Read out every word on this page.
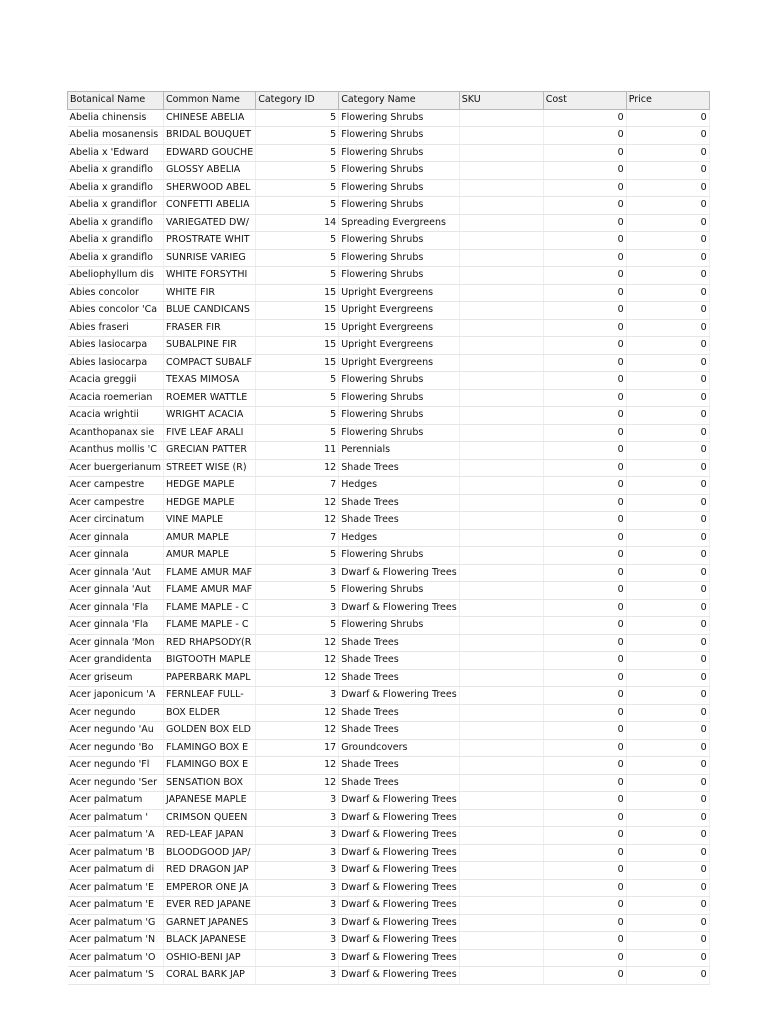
Botanical Name	Common Name	Category ID	Category Name	SKU	Cost	Price
Abelia chinensis	CHINESE ABELIA	5	Flowering Shrubs		0	0
Abelia mosanensis	BRIDAL BOUQUET	5	Flowering Shrubs		0	0
Abelia x 'Edward	EDWARD GOUCHE	5	Flowering Shrubs		0	0
Abelia x grandiflo	GLOSSY ABELIA	5	Flowering Shrubs		0	0
Abelia x grandiflo	SHERWOOD ABEL	5	Flowering Shrubs		0	0
Abelia x grandiflor	CONFETTI ABELIA	5	Flowering Shrubs		0	0
Abelia x grandiflo	VARIEGATED DW/	14	Spreading Evergreens		0	0
Abelia x grandiflo	PROSTRATE WHIT	5	Flowering Shrubs		0	0
Abelia x grandiflo	SUNRISE VARIEG	5	Flowering Shrubs		0	0
Abeliophyllum dis	WHITE FORSYTHI	5	Flowering Shrubs		0	0
Abies concolor	WHITE FIR	15	Upright Evergreens		0	0
Abies concolor 'Ca	BLUE CANDICANS	15	Upright Evergreens		0	0
Abies fraseri	FRASER FIR	15	Upright Evergreens		0	0
Abies lasiocarpa	SUBALPINE FIR	15	Upright Evergreens		0	0
Abies lasiocarpa	COMPACT SUBALF	15	Upright Evergreens		0	0
Acacia greggii	TEXAS MIMOSA	5	Flowering Shrubs		0	0
Acacia roemerian	ROEMER WATTLE	5	Flowering Shrubs		0	0
Acacia wrightii	WRIGHT ACACIA	5	Flowering Shrubs		0	0
Acanthopanax sie	FIVE LEAF ARALI	5	Flowering Shrubs		0	0
Acanthus mollis 'C	GRECIAN PATTER	11	Perennials		0	0
Acer buergerianum	STREET WISE (R)	12	Shade Trees		0	0
Acer campestre	HEDGE MAPLE	7	Hedges		0	0
Acer campestre	HEDGE MAPLE	12	Shade Trees		0	0
Acer circinatum	VINE MAPLE	12	Shade Trees		0	0
Acer ginnala	AMUR MAPLE	7	Hedges		0	0
Acer ginnala	AMUR MAPLE	5	Flowering Shrubs		0	0
Acer ginnala 'Aut	FLAME AMUR MAF	3	Dwarf & Flowering Trees		0	0
Acer ginnala 'Aut	FLAME AMUR MAF	5	Flowering Shrubs		0	0
Acer ginnala 'Fla	FLAME MAPLE - C	3	Dwarf & Flowering Trees		0	0
Acer ginnala 'Fla	FLAME MAPLE - C	5	Flowering Shrubs		0	0
Acer ginnala 'Mon	RED RHAPSODY(R	12	Shade Trees		0	0
Acer grandidenta	BIGTOOTH MAPLE	12	Shade Trees		0	0
Acer griseum	PAPERBARK MAPL	12	Shade Trees		0	0
Acer japonicum 'A	FERNLEAF FULL-	3	Dwarf & Flowering Trees		0	0
Acer negundo	BOX ELDER	12	Shade Trees		0	0
Acer negundo 'Au	GOLDEN BOX ELD	12	Shade Trees		0	0
Acer negundo 'Bo	FLAMINGO BOX E	17	Groundcovers		0	0
Acer negundo 'Fl	FLAMINGO BOX E	12	Shade Trees		0	0
Acer negundo 'Ser	SENSATION BOX	12	Shade Trees		0	0
Acer palmatum	JAPANESE MAPLE	3	Dwarf & Flowering Trees		0	0
Acer palmatum '	CRIMSON QUEEN	3	Dwarf & Flowering Trees		0	0
Acer palmatum 'A	RED-LEAF JAPAN	3	Dwarf & Flowering Trees		0	0
Acer palmatum 'B	BLOODGOOD JAP/	3	Dwarf & Flowering Trees		0	0
Acer palmatum di	RED DRAGON JAP	3	Dwarf & Flowering Trees		0	0
Acer palmatum 'E	EMPEROR ONE JA	3	Dwarf & Flowering Trees		0	0
Acer palmatum 'E	EVER RED JAPANE	3	Dwarf & Flowering Trees		0	0
Acer palmatum 'G	GARNET JAPANES	3	Dwarf & Flowering Trees		0	0
Acer palmatum 'N	BLACK JAPANESE	3	Dwarf & Flowering Trees		0	0
Acer palmatum 'O	OSHIO-BENI JAP	3	Dwarf & Flowering Trees		0	0
Acer palmatum 'S	CORAL BARK JAP	3	Dwarf & Flowering Trees		0	0
